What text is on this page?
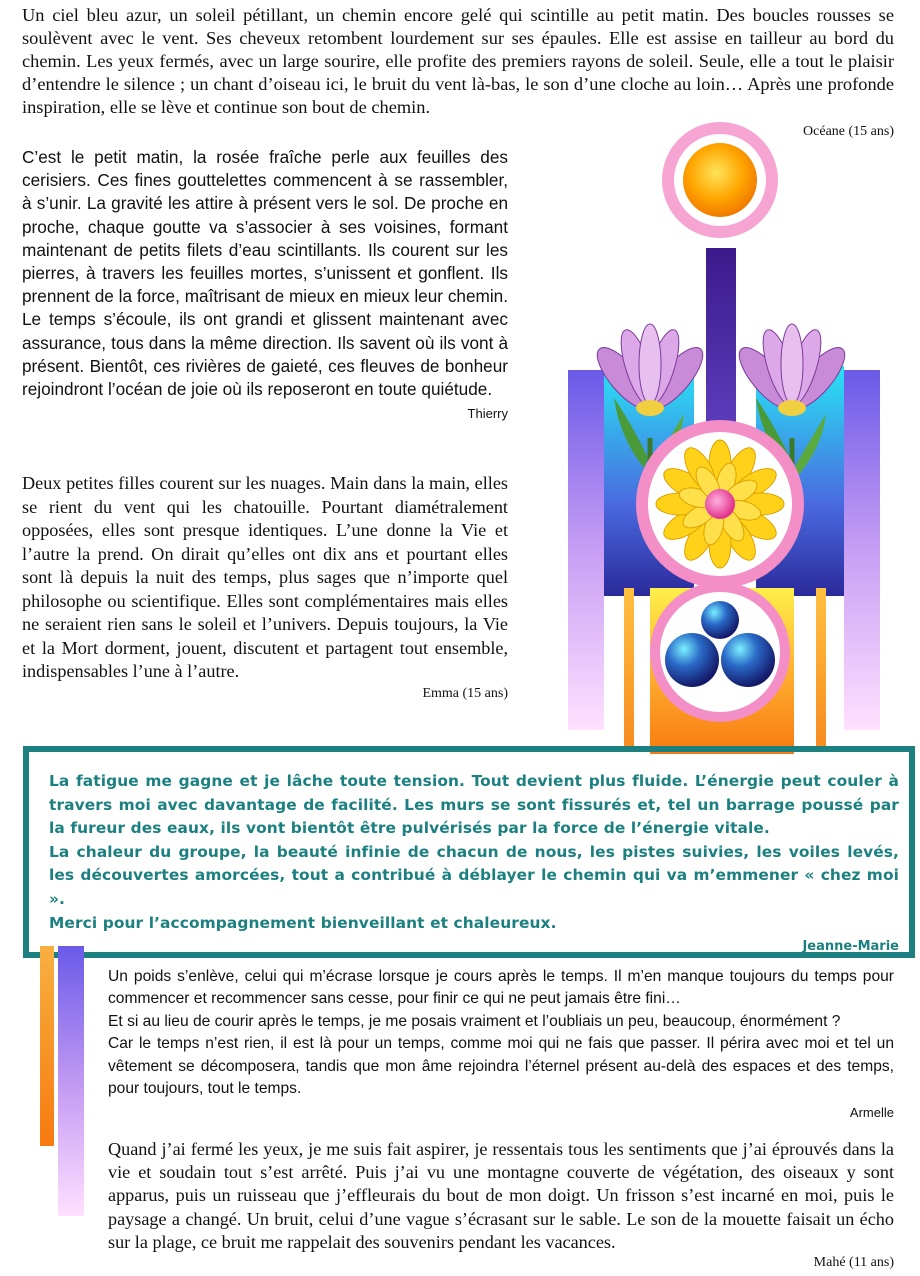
Un ciel bleu azur, un soleil pétillant, un chemin encore gelé qui scintille au petit matin. Des boucles rousses se soulèvent avec le vent. Ses cheveux retombent lourdement sur ses épaules. Elle est assise en tailleur au bord du chemin. Les yeux fermés, avec un large sourire, elle profite des premiers rayons de soleil. Seule, elle a tout le plaisir d’entendre le silence ; un chant d’oiseau ici, le bruit du vent là-bas, le son d’une cloche au loin… Après une profonde inspiration, elle se lève et continue son bout de chemin.

Océane (15 ans)

C’est le petit matin, la rosée fraîche perle aux feuilles des cerisiers. Ces fines gouttelettes commencent à se rassembler, à s’unir. La gravité les attire à présent vers le sol. De proche en proche, chaque goutte va s’associer à ses voisines, formant maintenant de petits filets d’eau scintillants. Ils courent sur les pierres, à travers les feuilles mortes, s’unissent et gonflent. Ils prennent de la force, maîtrisant de mieux en mieux leur chemin. Le temps s’écoule, ils ont grandi et glissent maintenant avec assurance, tous dans la même direction. Ils savent où ils vont à présent. Bientôt, ces rivières de gaieté, ces fleuves de bonheur rejoindront l’océan de joie où ils reposeront en toute quiétude.

Thierry

Deux petites filles courent sur les nuages. Main dans la main, elles se rient du vent qui les chatouille. Pourtant diamétralement opposées, elles sont presque identiques. L’une donne la Vie et l’autre la prend. On dirait qu’elles ont dix ans et pourtant elles sont là depuis la nuit des temps, plus sages que n’importe quel philosophe ou scientifique. Elles sont complémentaires mais elles ne seraient rien sans le soleil et l’univers. Depuis toujours, la Vie et la Mort dorment, jouent, discutent et partagent tout ensemble, indispensables l’une à l’autre.

Emma (15 ans)

La fatigue me gagne et je lâche toute tension. Tout devient plus fluide. L’énergie peut couler à travers moi avec davantage de facilité. Les murs se sont fissurés et, tel un barrage poussé par la fureur des eaux, ils vont bientôt être pulvérisés par la force de l’énergie vitale.

La chaleur du groupe, la beauté infinie de chacun de nous, les pistes suivies, les voiles levés, les découvertes amorcées, tout a contribué à déblayer le chemin qui va m’emmener « chez moi ».

Merci pour l’accompagnement bienveillant et chaleureux.

Jeanne-Marie

Un poids s’enlève, celui qui m’écrase lorsque je cours après le temps. Il m’en manque toujours du temps pour commencer et recommencer sans cesse, pour finir ce qui ne peut jamais être fini…

Et si au lieu de courir après le temps, je me posais vraiment et l’oubliais un peu, beaucoup, énormément ?

Car le temps n’est rien, il est là pour un temps, comme moi qui ne fais que passer. Il périra avec moi et tel un vêtement se décomposera, tandis que mon âme rejoindra l’éternel présent au-delà des espaces et des temps, pour toujours, tout le temps.

Armelle

Quand j’ai fermé les yeux, je me suis fait aspirer, je ressentais tous les sentiments que j’ai éprouvés dans la vie et soudain tout s’est arrêté. Puis j’ai vu une montagne couverte de végétation, des oiseaux y sont apparus, puis un ruisseau que j’effleurais du bout de mon doigt. Un frisson s’est incarné en moi, puis le paysage a changé. Un bruit, celui d’une vague s’écrasant sur le sable. Le son de la mouette faisait un écho sur la plage, ce bruit me rappelait des souvenirs pendant les vacances.

Mahé (11 ans)
